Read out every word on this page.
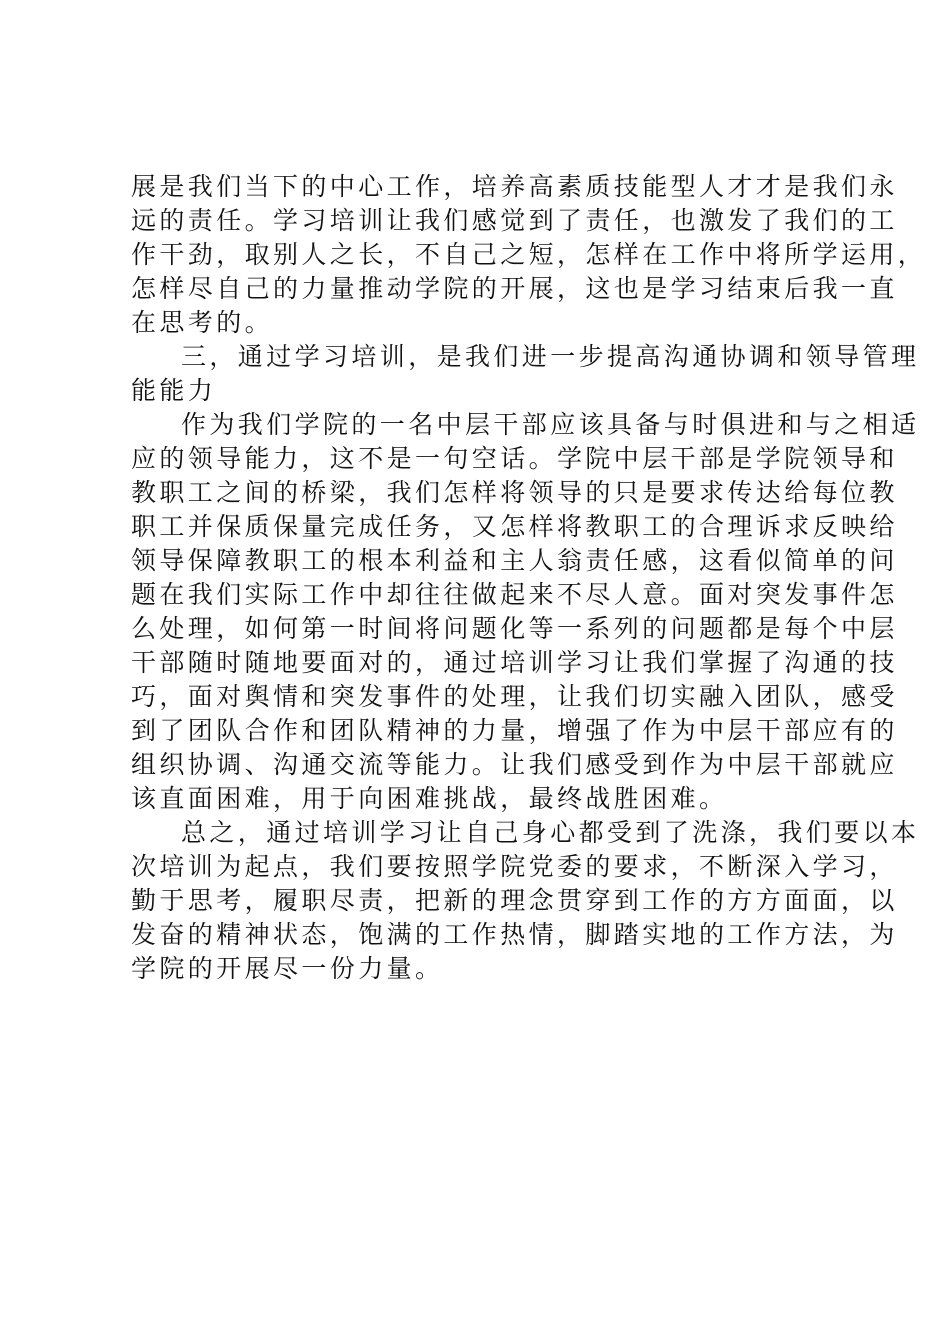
展是我们当下的中心工作，培养高素质技能型人才才是我们永
远的责任。学习培训让我们感觉到了责任，也激发了我们的工
作干劲，取别人之长，不自己之短，怎样在工作中将所学运用，
怎样尽自己的力量推动学院的开展，这也是学习结束后我一直
在思考的。
三，通过学习培训，是我们进一步提高沟通协调和领导管理
能能力
作为我们学院的一名中层干部应该具备与时俱进和与之相适
应的领导能力，这不是一句空话。学院中层干部是学院领导和
教职工之间的桥梁，我们怎样将领导的只是要求传达给每位教
职工并保质保量完成任务，又怎样将教职工的合理诉求反映给
领导保障教职工的根本利益和主人翁责任感，这看似简单的问
题在我们实际工作中却往往做起来不尽人意。面对突发事件怎
么处理，如何第一时间将问题化等一系列的问题都是每个中层
干部随时随地要面对的，通过培训学习让我们掌握了沟通的技
巧，面对舆情和突发事件的处理，让我们切实融入团队，感受
到了团队合作和团队精神的力量，增强了作为中层干部应有的
组织协调、沟通交流等能力。让我们感受到作为中层干部就应
该直面困难，用于向困难挑战，最终战胜困难。
总之，通过培训学习让自己身心都受到了洗涤，我们要以本
次培训为起点，我们要按照学院党委的要求，不断深入学习，
勤于思考，履职尽责，把新的理念贯穿到工作的方方面面，以
发奋的精神状态，饱满的工作热情，脚踏实地的工作方法，为
学院的开展尽一份力量。
